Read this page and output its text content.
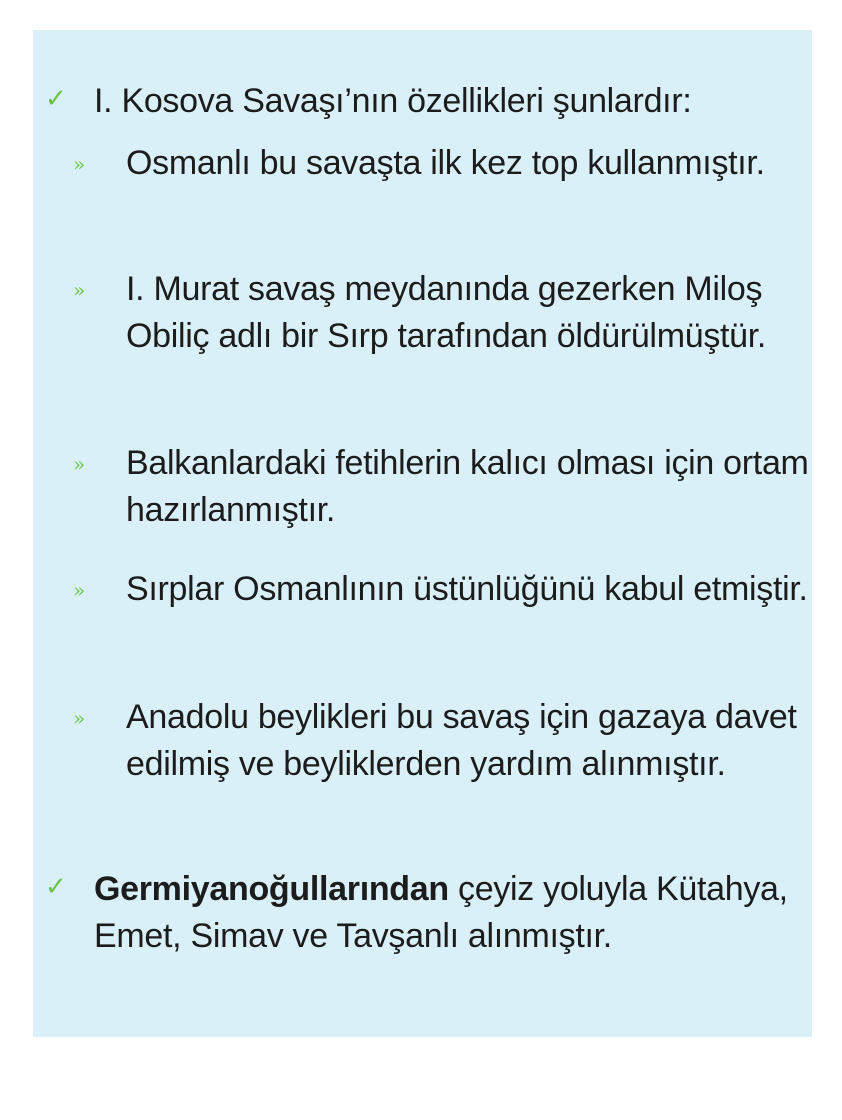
✓ I. Kosova Savaşı’nın özellikleri şunlardır:
» Osmanlı bu savaşta ilk kez top kullanmıştır.
» I. Murat savaş meydanında gezerken Miloş Obiliç adlı bir Sırp tarafından öldürülmüştür.
» Balkanlardaki fetihlerin kalıcı olması için ortam hazırlanmıştır.
» Sırplar Osmanlının üstünlüğünü kabul etmiştir.
» Anadolu beylikleri bu savaş için gazaya davet edilmiş ve beyliklerden yardım alınmıştır.
✓ Germiyanoğullarından çeyiz yoluyla Kütahya, Emet, Simav ve Tavşanlı alınmıştır.
